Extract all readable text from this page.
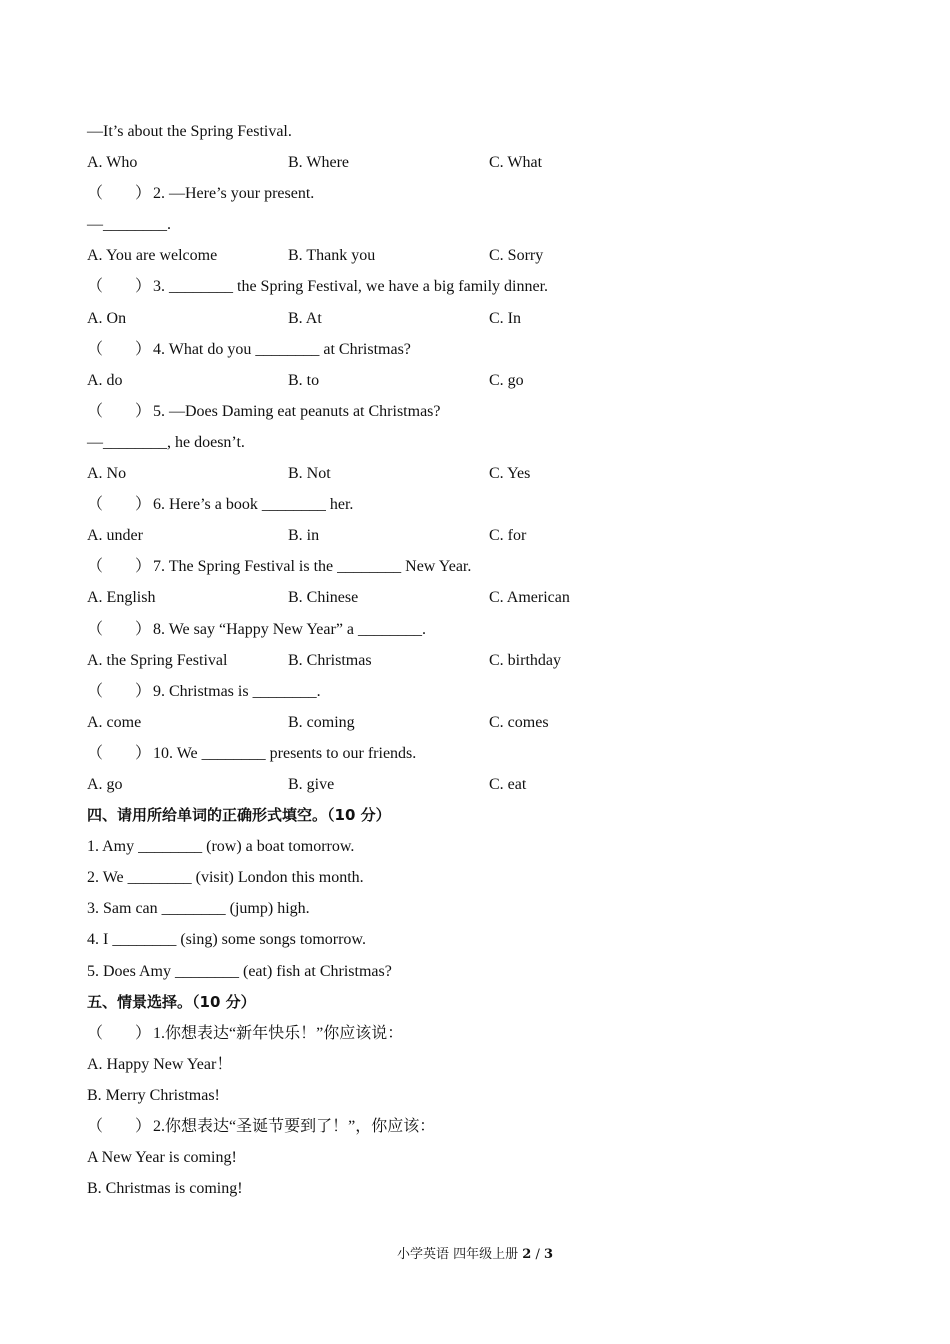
—It’s about the Spring Festival.
A. Who	B. Where	C. What
（　　） 2. —Here’s your present.
—________.
A. You are welcome	B. Thank you	C. Sorry
（　　） 3. ________ the Spring Festival, we have a big family dinner.
A. On	B. At	C. In
（　　） 4. What do you ________ at Christmas?
A. do	B. to	C. go
（　　） 5. —Does Daming eat peanuts at Christmas?
—________, he doesn’t.
A. No	B. Not	C. Yes
（　　） 6. Here’s a book ________ her.
A. under	B. in	C. for
（　　） 7. The Spring Festival is the ________ New Year.
A. English	B. Chinese	C. American
（　　） 8. We say “Happy New Year” a ________.
A. the Spring Festival	B. Christmas	C. birthday
（　　） 9. Christmas is ________.
A. come	B. coming	C. comes
（　　） 10. We ________ presents to our friends.
A. go	B. give	C. eat
四、请用所给单词的正确形式填空。（10 分）
1. Amy ________ (row) a boat tomorrow.
2. We ________ (visit) London this month.
3. Sam can ________ (jump) high.
4. I ________ (sing) some songs tomorrow.
5. Does Amy ________ (eat) fish at Christmas?
五、情景选择。（10 分）
（　　） 1.你想表达“新年快乐！”你应该说：
A. Happy New Year！
B. Merry Christmas!
（　　） 2.你想表达“圣诞节要到了！”，你应该：
A New Year is coming!
B. Christmas is coming!
小学英语 四年级上册 2 / 3
